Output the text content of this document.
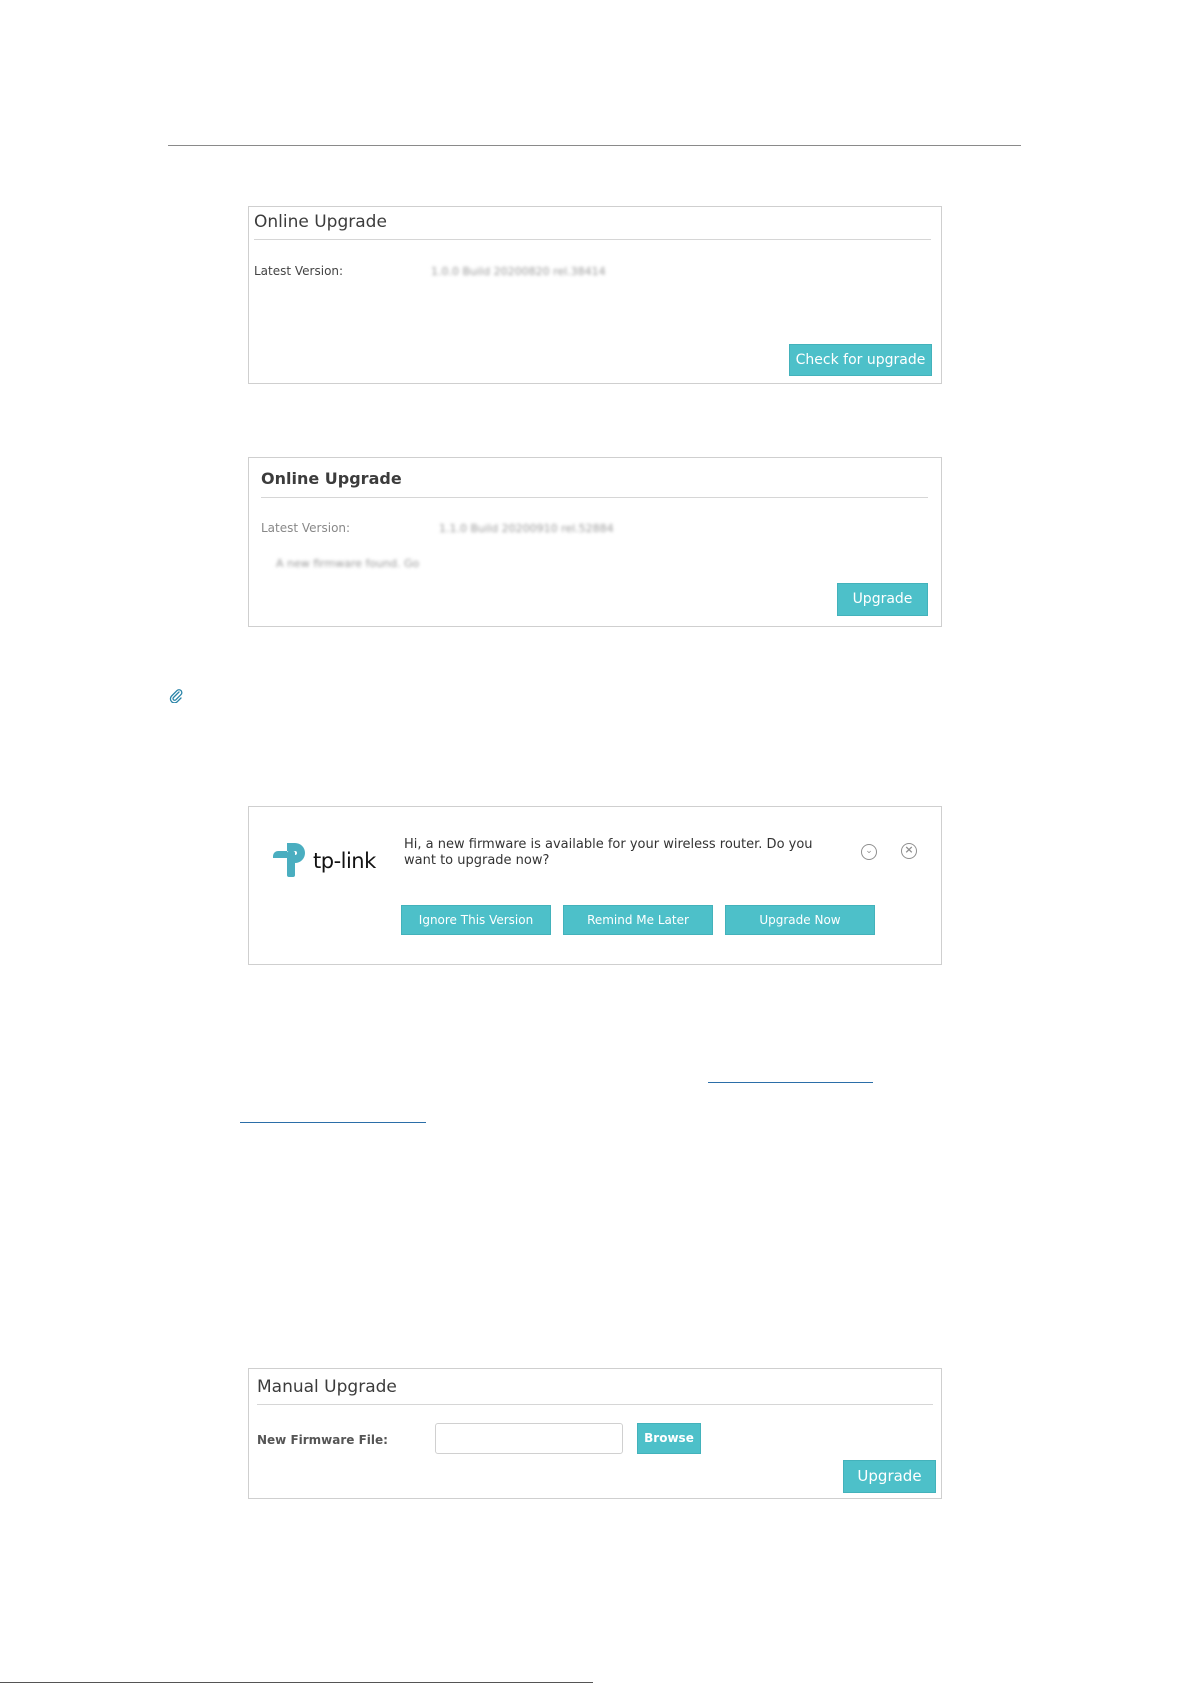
Online Upgrade
Latest Version:	1.0.0 Build 20200820 rel.38414
Check for upgrade
Online Upgrade
Latest Version:	1.1.0 Build 20200910 rel.52884
A new firmware found. Go
Upgrade
tp-link
Hi, a new firmware is available for your wireless router. Do you want to upgrade now?
⌄	×
Ignore This Version	Remind Me Later	Upgrade Now
Manual Upgrade
New Firmware File:	Browse
Upgrade
